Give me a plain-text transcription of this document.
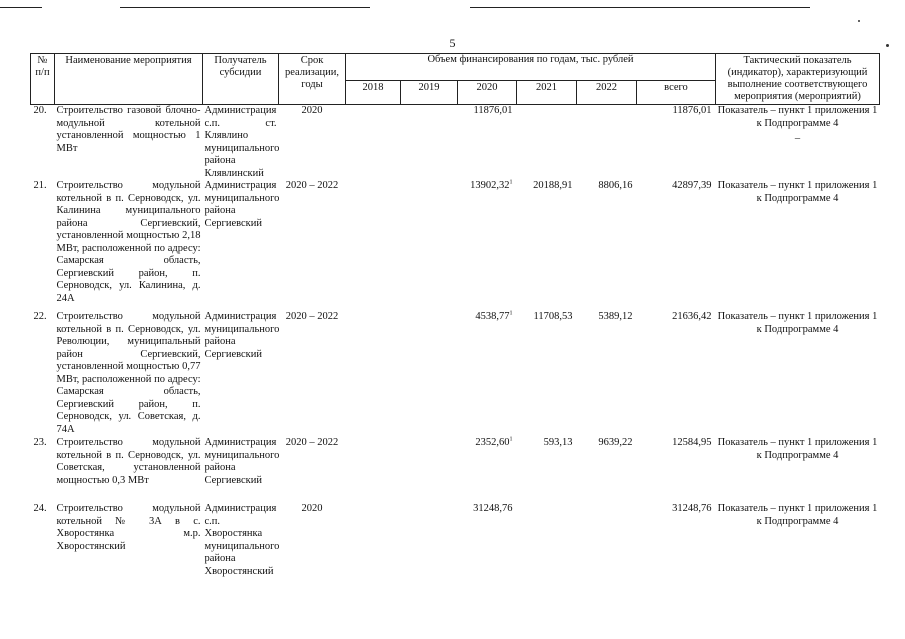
5
№ п/п	Наименование мероприятия	Получатель субсидии	Срок реализации, годы	Объем финансирования по годам, тыс. рублей						Тактический показатель (индикатор), характеризующий выполнение соответствующего мероприятия (мероприятий)
				2018	2019	2020	2021	2022	всего	
20.	Строительство газовой блочно-модульной котельной установленной мощностью 1 МВт	Администрация с.п. ст. Клявлино муниципального района Клявлинский	2020			11876,01			11876,01	Показатель – пункт 1 приложения 1 к Подпрограмме 4
–

21.	Строительство модульной котельной в п. Серноводск, ул. Калинина муниципального района Сергиевский, установленной мощностью 2,18 МВт, расположенной по адресу: Самарская область, Сергиевский район, п. Серноводск, ул. Калинина, д. 24А	Администрация муниципального района Сергиевский	2020 – 2022			13902,32$^1$	20188,91	8806,16	42897,39	Показатель – пункт 1 приложения 1 к Подпрограмме 4
22.	Строительство модульной котельной в п. Серноводск, ул. Революции, муниципальный район Сергиевский, установленной мощностью 0,77 МВт, расположенной по адресу: Самарская область, Сергиевский район, п. Серноводск, ул. Советская, д. 74А	Администрация муниципального района Сергиевский	2020 – 2022			4538,77$^1$	11708,53	5389,12	21636,42	Показатель – пункт 1 приложения 1 к Подпрограмме 4
23.	Строительство модульной котельной в п. Серноводск, ул. Советская, установленной мощностью 0,3 МВт	Администрация муниципального района Сергиевский	2020 – 2022			2352,60$^1$	593,13	9639,22	12584,95	Показатель – пункт 1 приложения 1 к Подпрограмме 4
24.	Строительство модульной котельной № 3А в с. Хворостянка м.р. Хворостянский	Администрация с.п. Хворостянка муниципального района Хворостянский	2020			31248,76			31248,76	Показатель – пункт 1 приложения 1 к Подпрограмме 4
